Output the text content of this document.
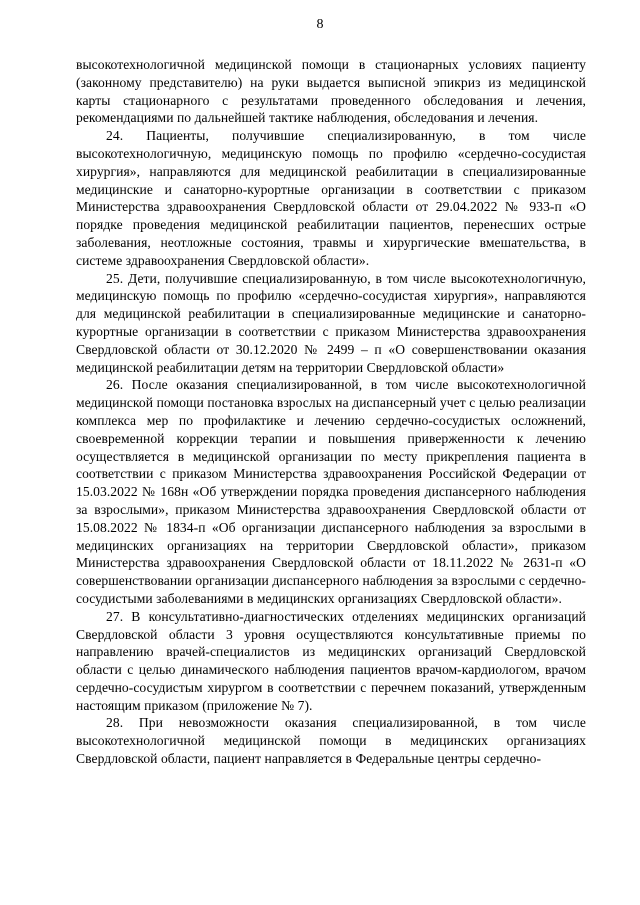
8

высокотехнологичной медицинской помощи в стационарных условиях пациенту (законному представителю) на руки выдается выписной эпикриз из медицинской карты стационарного с результатами проведенного обследования и лечения, рекомендациями по дальнейшей тактике наблюдения, обследования и лечения.

24. Пациенты, получившие специализированную, в том числе высокотехнологичную, медицинскую помощь по профилю «сердечно-сосудистая хирургия», направляются для медицинской реабилитации в специализированные медицинские и санаторно-курортные организации в соответствии с приказом Министерства здравоохранения Свердловской области от 29.04.2022 № 933-п «О порядке проведения медицинской реабилитации пациентов, перенесших острые заболевания, неотложные состояния, травмы и хирургические вмешательства, в системе здравоохранения Свердловской области».

25. Дети, получившие специализированную, в том числе высокотехнологичную, медицинскую помощь по профилю «сердечно-сосудистая хирургия», направляются для медицинской реабилитации в специализированные медицинские и санаторно-курортные организации в соответствии с приказом Министерства здравоохранения Свердловской области от 30.12.2020 № 2499 – п «О совершенствовании оказания медицинской реабилитации детям на территории Свердловской области»

26. После оказания специализированной, в том числе высокотехнологичной медицинской помощи постановка взрослых на диспансерный учет с целью реализации комплекса мер по профилактике и лечению сердечно-сосудистых осложнений, своевременной коррекции терапии и повышения приверженности к лечению осуществляется в медицинской организации по месту прикрепления пациента в соответствии с приказом Министерства здравоохранения Российской Федерации от 15.03.2022 № 168н «Об утверждении порядка проведения диспансерного наблюдения за взрослыми», приказом Министерства здравоохранения Свердловской области от 15.08.2022 № 1834-п «Об организации диспансерного наблюдения за взрослыми в медицинских организациях на территории Свердловской области», приказом Министерства здравоохранения Свердловской области от 18.11.2022 № 2631-п «О совершенствовании организации диспансерного наблюдения за взрослыми с сердечно-сосудистыми заболеваниями в медицинских организациях Свердловской области».

27. В консультативно-диагностических отделениях медицинских организаций Свердловской области 3 уровня осуществляются консультативные приемы по направлению врачей-специалистов из медицинских организаций Свердловской области с целью динамического наблюдения пациентов врачом-кардиологом, врачом сердечно-сосудистым хирургом в соответствии с перечнем показаний, утвержденным настоящим приказом (приложение № 7).

28. При невозможности оказания специализированной, в том числе высокотехнологичной медицинской помощи в медицинских организациях Свердловской области, пациент направляется в Федеральные центры сердечно-
